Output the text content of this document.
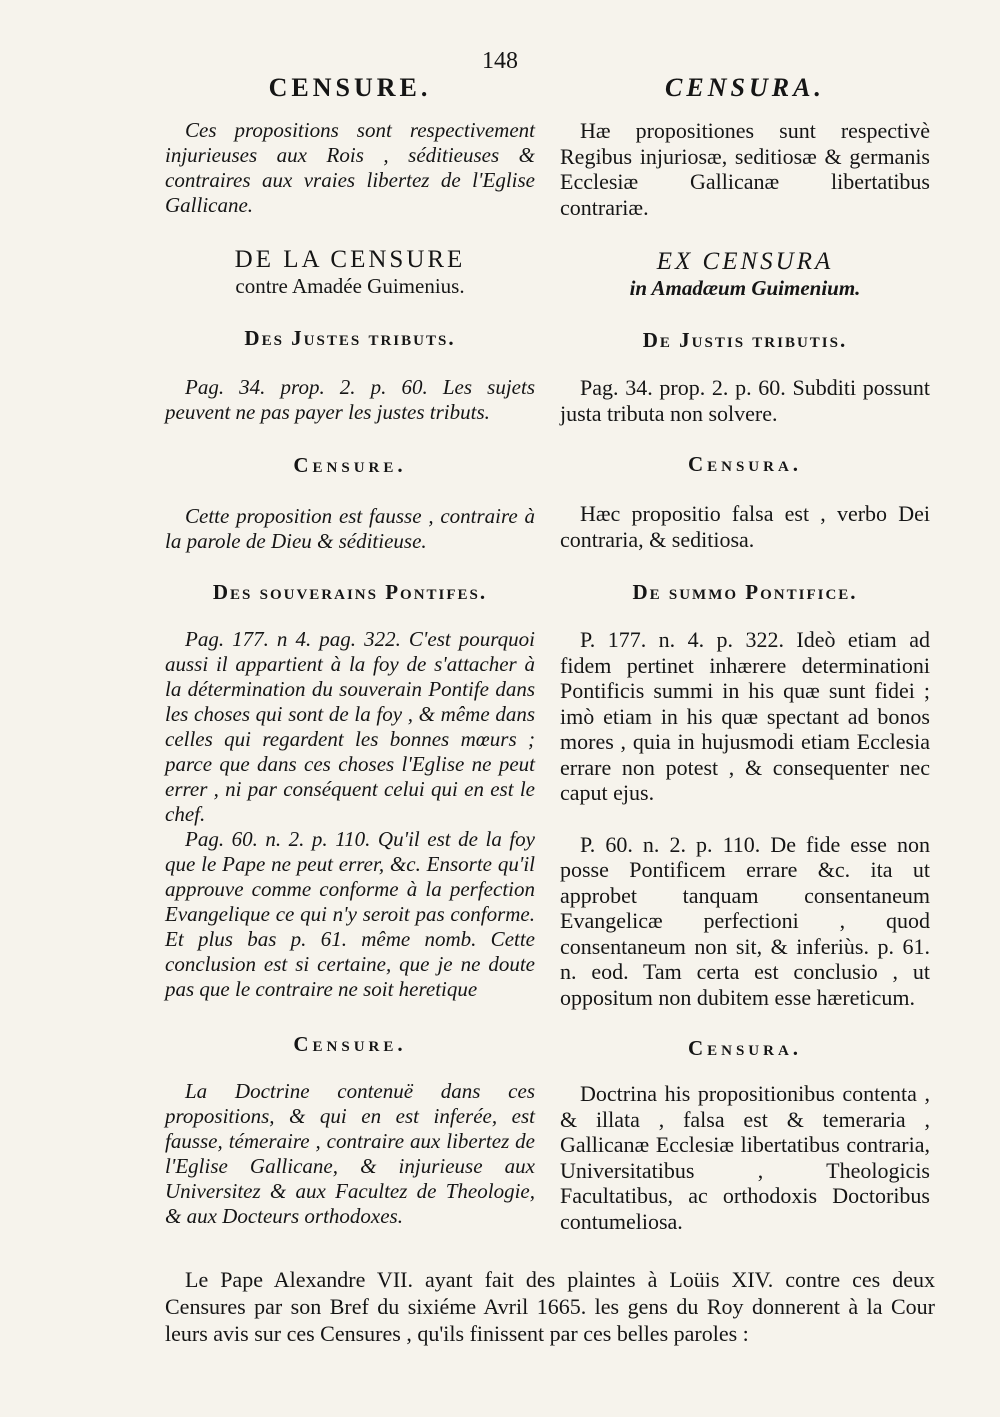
148
CENSURE.

Ces propositions sont respectivement injurieuses aux Rois , séditieuses & contraires aux vraies libertez de l'Eglise Gallicane.

DE LA CENSURE

contre Amadée Guimenius.

Des Justes tributs.

Pag. 34. prop. 2. p. 60. Les sujets peuvent ne pas payer les justes tributs.

Censure.

Cette proposition est fausse , contraire à la parole de Dieu & séditieuse.

Des souverains Pontifes.

Pag. 177. n 4. pag. 322. C'est pourquoi aussi il appartient à la foy de s'attacher à la détermination du souverain Pontife dans les choses qui sont de la foy , & même dans celles qui regardent les bonnes mœurs ; parce que dans ces choses l'Eglise ne peut errer , ni par conséquent celui qui en est le chef.

Pag. 60. n. 2. p. 110. Qu'il est de la foy que le Pape ne peut errer, &c. Ensorte qu'il approuve comme conforme à la perfection Evangelique ce qui n'y seroit pas conforme. Et plus bas p. 61. même nomb. Cette conclusion est si certaine, que je ne doute pas que le contraire ne soit heretique

Censure.

La Doctrine contenuë dans ces propositions, & qui en est inferée, est fausse, témeraire , contraire aux libertez de l'Eglise Gallicane, & injurieuse aux Universitez & aux Facultez de Theologie, & aux Docteurs orthodoxes.

CENSURA.

Hæ propositiones sunt respectivè Regibus injuriosæ, seditiosæ & germanis Ecclesiæ Gallicanæ libertatibus contrariæ.

EX CENSURA

in Amadæum Guimenium.

De Justis tributis.

Pag. 34. prop. 2. p. 60. Subditi possunt justa tributa non solvere.

Censura.

Hæc propositio falsa est , verbo Dei contraria, & seditiosa.

De summo Pontifice.

P. 177. n. 4. p. 322. Ideò etiam ad fidem pertinet inhærere determinationi Pontificis summi in his quæ sunt fidei ; imò etiam in his quæ spectant ad bonos mores , quia in hujusmodi etiam Ecclesia errare non potest , & consequenter nec caput ejus.

P. 60. n. 2. p. 110. De fide esse non posse Pontificem errare &c. ita ut approbet tanquam consentaneum Evangelicæ perfectioni , quod consentaneum non sit, & inferiùs. p. 61. n. eod. Tam certa est conclusio , ut oppositum non dubitem esse hæreticum.

Censura.

Doctrina his propositionibus contenta , & illata , falsa est & temeraria , Gallicanæ Ecclesiæ libertatibus contraria, Universitatibus , Theologicis Facultatibus, ac orthodoxis Doctoribus contumeliosa.

Le Pape Alexandre VII. ayant fait des plaintes à Loüis XIV. contre ces deux Censures par son Bref du sixiéme Avril 1665. les gens du Roy donnerent à la Cour leurs avis sur ces Censures , qu'ils finissent par ces belles paroles :
